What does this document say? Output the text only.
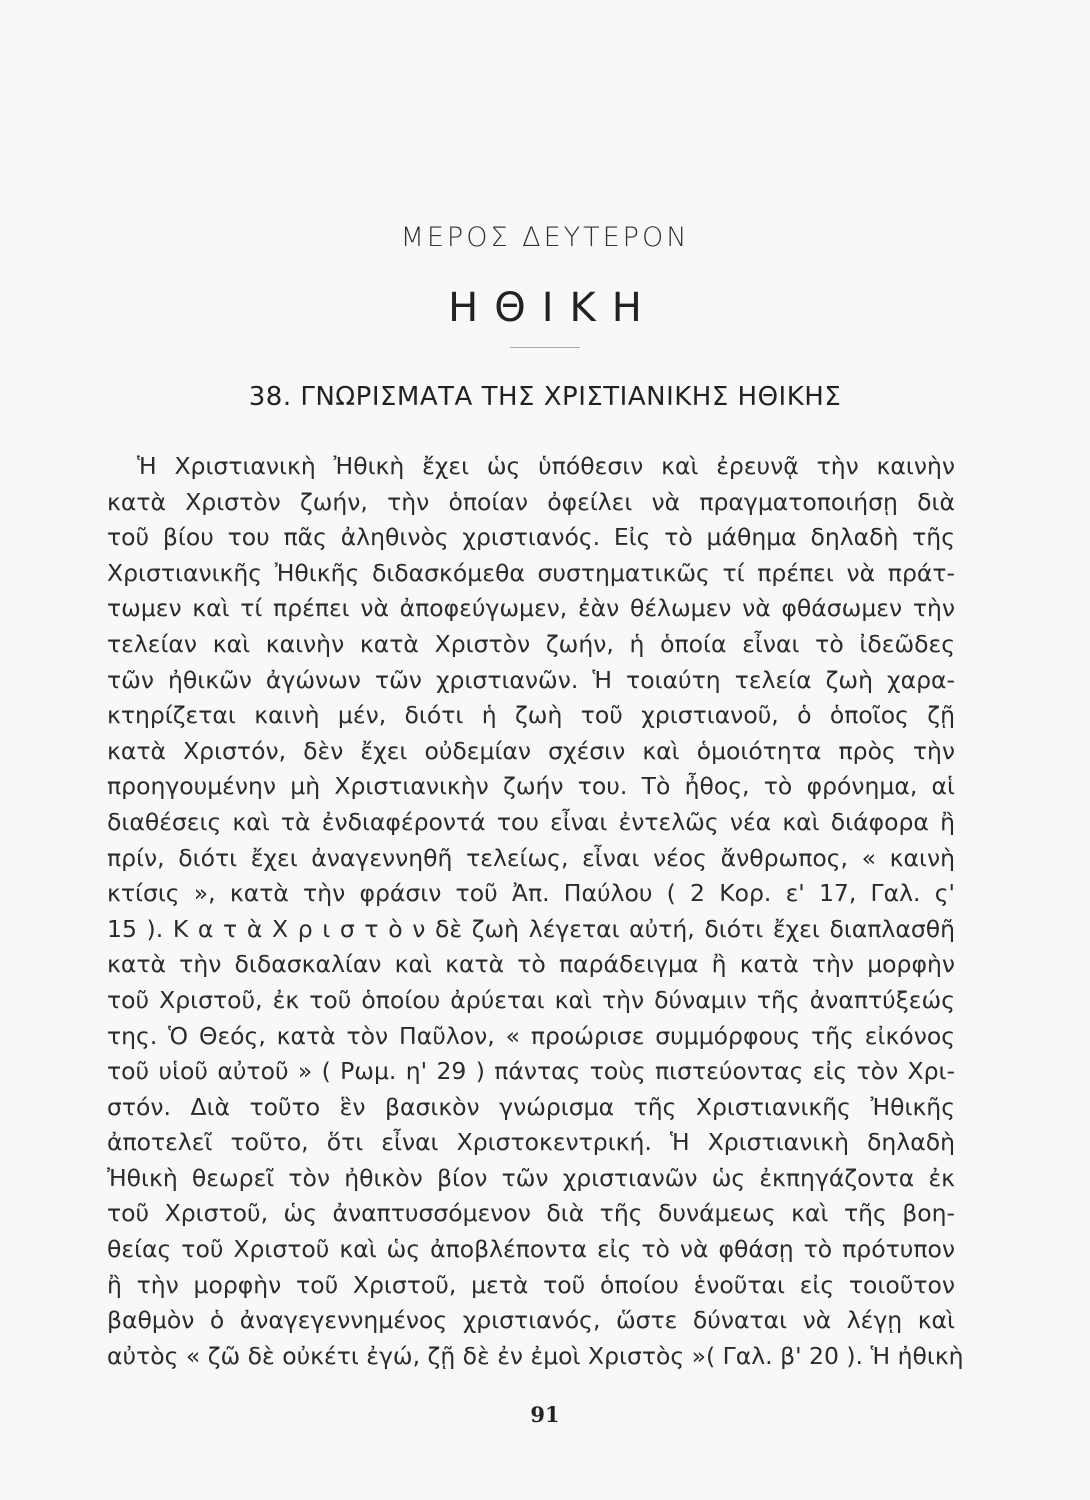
ΜΕΡΟΣ ΔΕΥΤΕΡΟΝ
ΗΘΙΚΗ
38. ΓΝΩΡΙΣΜΑΤΑ ΤΗΣ ΧΡΙΣΤΙΑΝΙΚΗΣ ΗΘΙΚΗΣ
Ἡ Χριστιανικὴ Ἠθικὴ ἔχει ὡς ὑπόθεσιν καὶ ἐρευνᾷ τὴν καινὴν
κατὰ Χριστὸν ζωήν, τὴν ὁποίαν ὀφείλει νὰ πραγματοποιήσῃ διὰ
τοῦ βίου του πᾶς ἀληθινὸς χριστιανός. Εἰς τὸ μάθημα δηλαδὴ τῆς
Χριστιανικῆς Ἠθικῆς διδασκόμεθα συστηματικῶς τί πρέπει νὰ πράτ-
τωμεν καὶ τί πρέπει νὰ ἀποφεύγωμεν, ἐὰν θέλωμεν νὰ φθάσωμεν τὴν
τελείαν καὶ καινὴν κατὰ Χριστὸν ζωήν, ἡ ὁποία εἶναι τὸ ἰδεῶδες
τῶν ἠθικῶν ἀγώνων τῶν χριστιανῶν. Ἡ τοιαύτη τελεία ζωὴ χαρα-
κτηρίζεται καινὴ μέν, διότι ἡ ζωὴ τοῦ χριστιανοῦ, ὁ ὁποῖος ζῇ
κατὰ Χριστόν, δὲν ἔχει οὐδεμίαν σχέσιν καὶ ὁμοιότητα πρὸς τὴν
προηγουμένην μὴ Χριστιανικὴν ζωήν του. Τὸ ἦθος, τὸ φρόνημα, αἱ
διαθέσεις καὶ τὰ ἐνδιαφέροντά του εἶναι ἐντελῶς νέα καὶ διάφορα ἢ
πρίν, διότι ἔχει ἀναγεννηθῆ τελείως, εἶναι νέος ἄνθρωπος, « καινὴ
κτίσις », κατὰ τὴν φράσιν τοῦ Ἀπ. Παύλου ( 2 Κορ. ε' 17, Γαλ. ς'
15 ). Κ α τ ὰ Χ ρ ι σ τ ὸ ν δὲ ζωὴ λέγεται αὐτή, διότι ἔχει διαπλασθῆ
κατὰ τὴν διδασκαλίαν καὶ κατὰ τὸ παράδειγμα ἢ κατὰ τὴν μορφὴν
τοῦ Χριστοῦ, ἐκ τοῦ ὁποίου ἀρύεται καὶ τὴν δύναμιν τῆς ἀναπτύξεώς
της. Ὁ Θεός, κατὰ τὸν Παῦλον, « προώρισε συμμόρφους τῆς εἰκόνος
τοῦ υἱοῦ αὐτοῦ » ( Ρωμ. η' 29 ) πάντας τοὺς πιστεύοντας εἰς τὸν Χρι-
στόν. Διὰ τοῦτο ἓν βασικὸν γνώρισμα τῆς Χριστιανικῆς Ἠθικῆς
ἀποτελεῖ τοῦτο, ὅτι εἶναι Χριστοκεντρική. Ἡ Χριστιανικὴ δηλαδὴ
Ἠθικὴ θεωρεῖ τὸν ἠθικὸν βίον τῶν χριστιανῶν ὡς ἐκπηγάζοντα ἐκ
τοῦ Χριστοῦ, ὡς ἀναπτυσσόμενον διὰ τῆς δυνάμεως καὶ τῆς βοη-
θείας τοῦ Χριστοῦ καὶ ὡς ἀποβλέποντα εἰς τὸ νὰ φθάσῃ τὸ πρότυπον
ἢ τὴν μορφὴν τοῦ Χριστοῦ, μετὰ τοῦ ὁποίου ἑνοῦται εἰς τοιοῦτον
βαθμὸν ὁ ἀναγεγεννημένος χριστιανός, ὥστε δύναται νὰ λέγῃ καὶ
αὐτὸς « ζῶ δὲ οὐκέτι ἐγώ, ζῇ δὲ ἐν ἐμοὶ Χριστὸς »( Γαλ. β' 20 ). Ἡ ἠθικὴ
91
